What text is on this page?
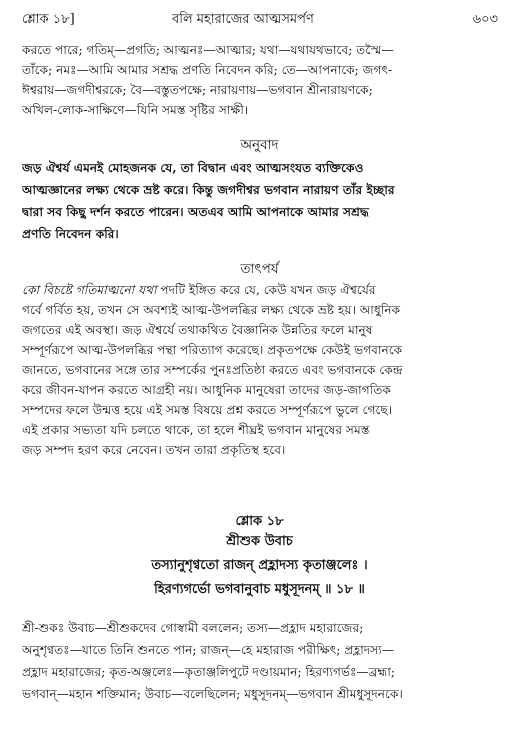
শ্লোক ১৮]	বলি মহারাজের আত্মসমর্পণ	৬০৩
করতে পারে; গতিম্—প্রগতি; আত্মনঃ—আত্মার; যথা—যথাযথভাবে; তস্মৈ—
তাঁকে; নমঃ—আমি আমার সশ্রদ্ধ প্রণতি নিবেদন করি; তে—আপনাকে; জগৎ-
ঈশ্বরায়—জগদীশ্বরকে; বৈ—বস্তুতপক্ষে; নারায়ণায়—ভগবান শ্রীনারায়ণকে;
অখিল-লোক-সাক্ষিণে—যিনি সমস্ত সৃষ্টির সাক্ষী।
অনুবাদ
জড় ঐশ্বর্য এমনই মোহজনক যে, তা বিদ্বান এবং আত্মসংযত ব্যক্তিকেও
আত্মজ্ঞানের লক্ষ্য থেকে ভ্রষ্ট করে। কিন্তু জগদীশ্বর ভগবান নারায়ণ তাঁর ইচ্ছার
দ্বারা সব কিছু দর্শন করতে পারেন। অতএব আমি আপনাকে আমার সশ্রদ্ধ
প্রণতি নিবেদন করি।
তাৎপর্য
কো বিচষ্টে গতিমাত্মনো যথা পদটি ইঙ্গিত করে যে, কেউ যখন জড় ঐশ্বর্যের
গর্বে গর্বিত হয়, তখন সে অবশ্যই আত্ম-উপলব্ধির লক্ষ্য থেকে ভ্রষ্ট হয়। আধুনিক
জগতের এই অবস্থা। জড় ঐশ্বর্যে তথাকথিত বৈজ্ঞানিক উন্নতির ফলে মানুষ
সম্পূর্ণরূপে আত্ম-উপলব্ধির পন্থা পরিত্যাগ করেছে। প্রকৃতপক্ষে কেউই ভগবানকে
জানতে, ভগবানের সঙ্গে তার সম্পর্কের পুনঃপ্রতিষ্ঠা করতে এবং ভগবানকে কেন্দ্র
করে জীবন-যাপন করতে আগ্রহী নয়। আধুনিক মানুষেরা তাদের জড়-জাগতিক
সম্পদের ফলে উন্মত্ত হয়ে এই সমস্ত বিষয়ে প্রশ্ন করতে সম্পূর্ণরূপে ভুলে গেছে।
এই প্রকার সভ্যতা যদি চলতে থাকে, তা হলে শীঘ্রই ভগবান মানুষের সমস্ত
জড় সম্পদ হরণ করে নেবেন। তখন তারা প্রকৃতিস্থ হবে।
শ্লোক ১৮
শ্রীশুক উবাচ
তস্যানুশৃণ্বতো রাজন্ প্রহ্লাদস্য কৃতাঞ্জলেঃ ।
হিরণ্যগর্ভো ভগবানুবাচ মধুসূদনম্ ॥ ১৮ ॥
শ্রী-শুকঃ উবাচ—শ্রীশুকদেব গোস্বামী বললেন; তস্য—প্রহ্লাদ মহারাজের;
অনুশৃণ্বতঃ—যাতে তিনি শুনতে পান; রাজন্—হে মহারাজ পরীক্ষিৎ; প্রহ্লাদস্য—
প্রহ্লাদ মহারাজের; কৃত-অঞ্জলেঃ—কৃতাঞ্জলিপুটে দণ্ডায়মান; হিরণ্যগর্ভঃ—ব্রহ্মা;
ভগবান্—মহান শক্তিমান; উবাচ—বলেছিলেন; মধুসূদনম্—ভগবান শ্রীমধুসূদনকে।
